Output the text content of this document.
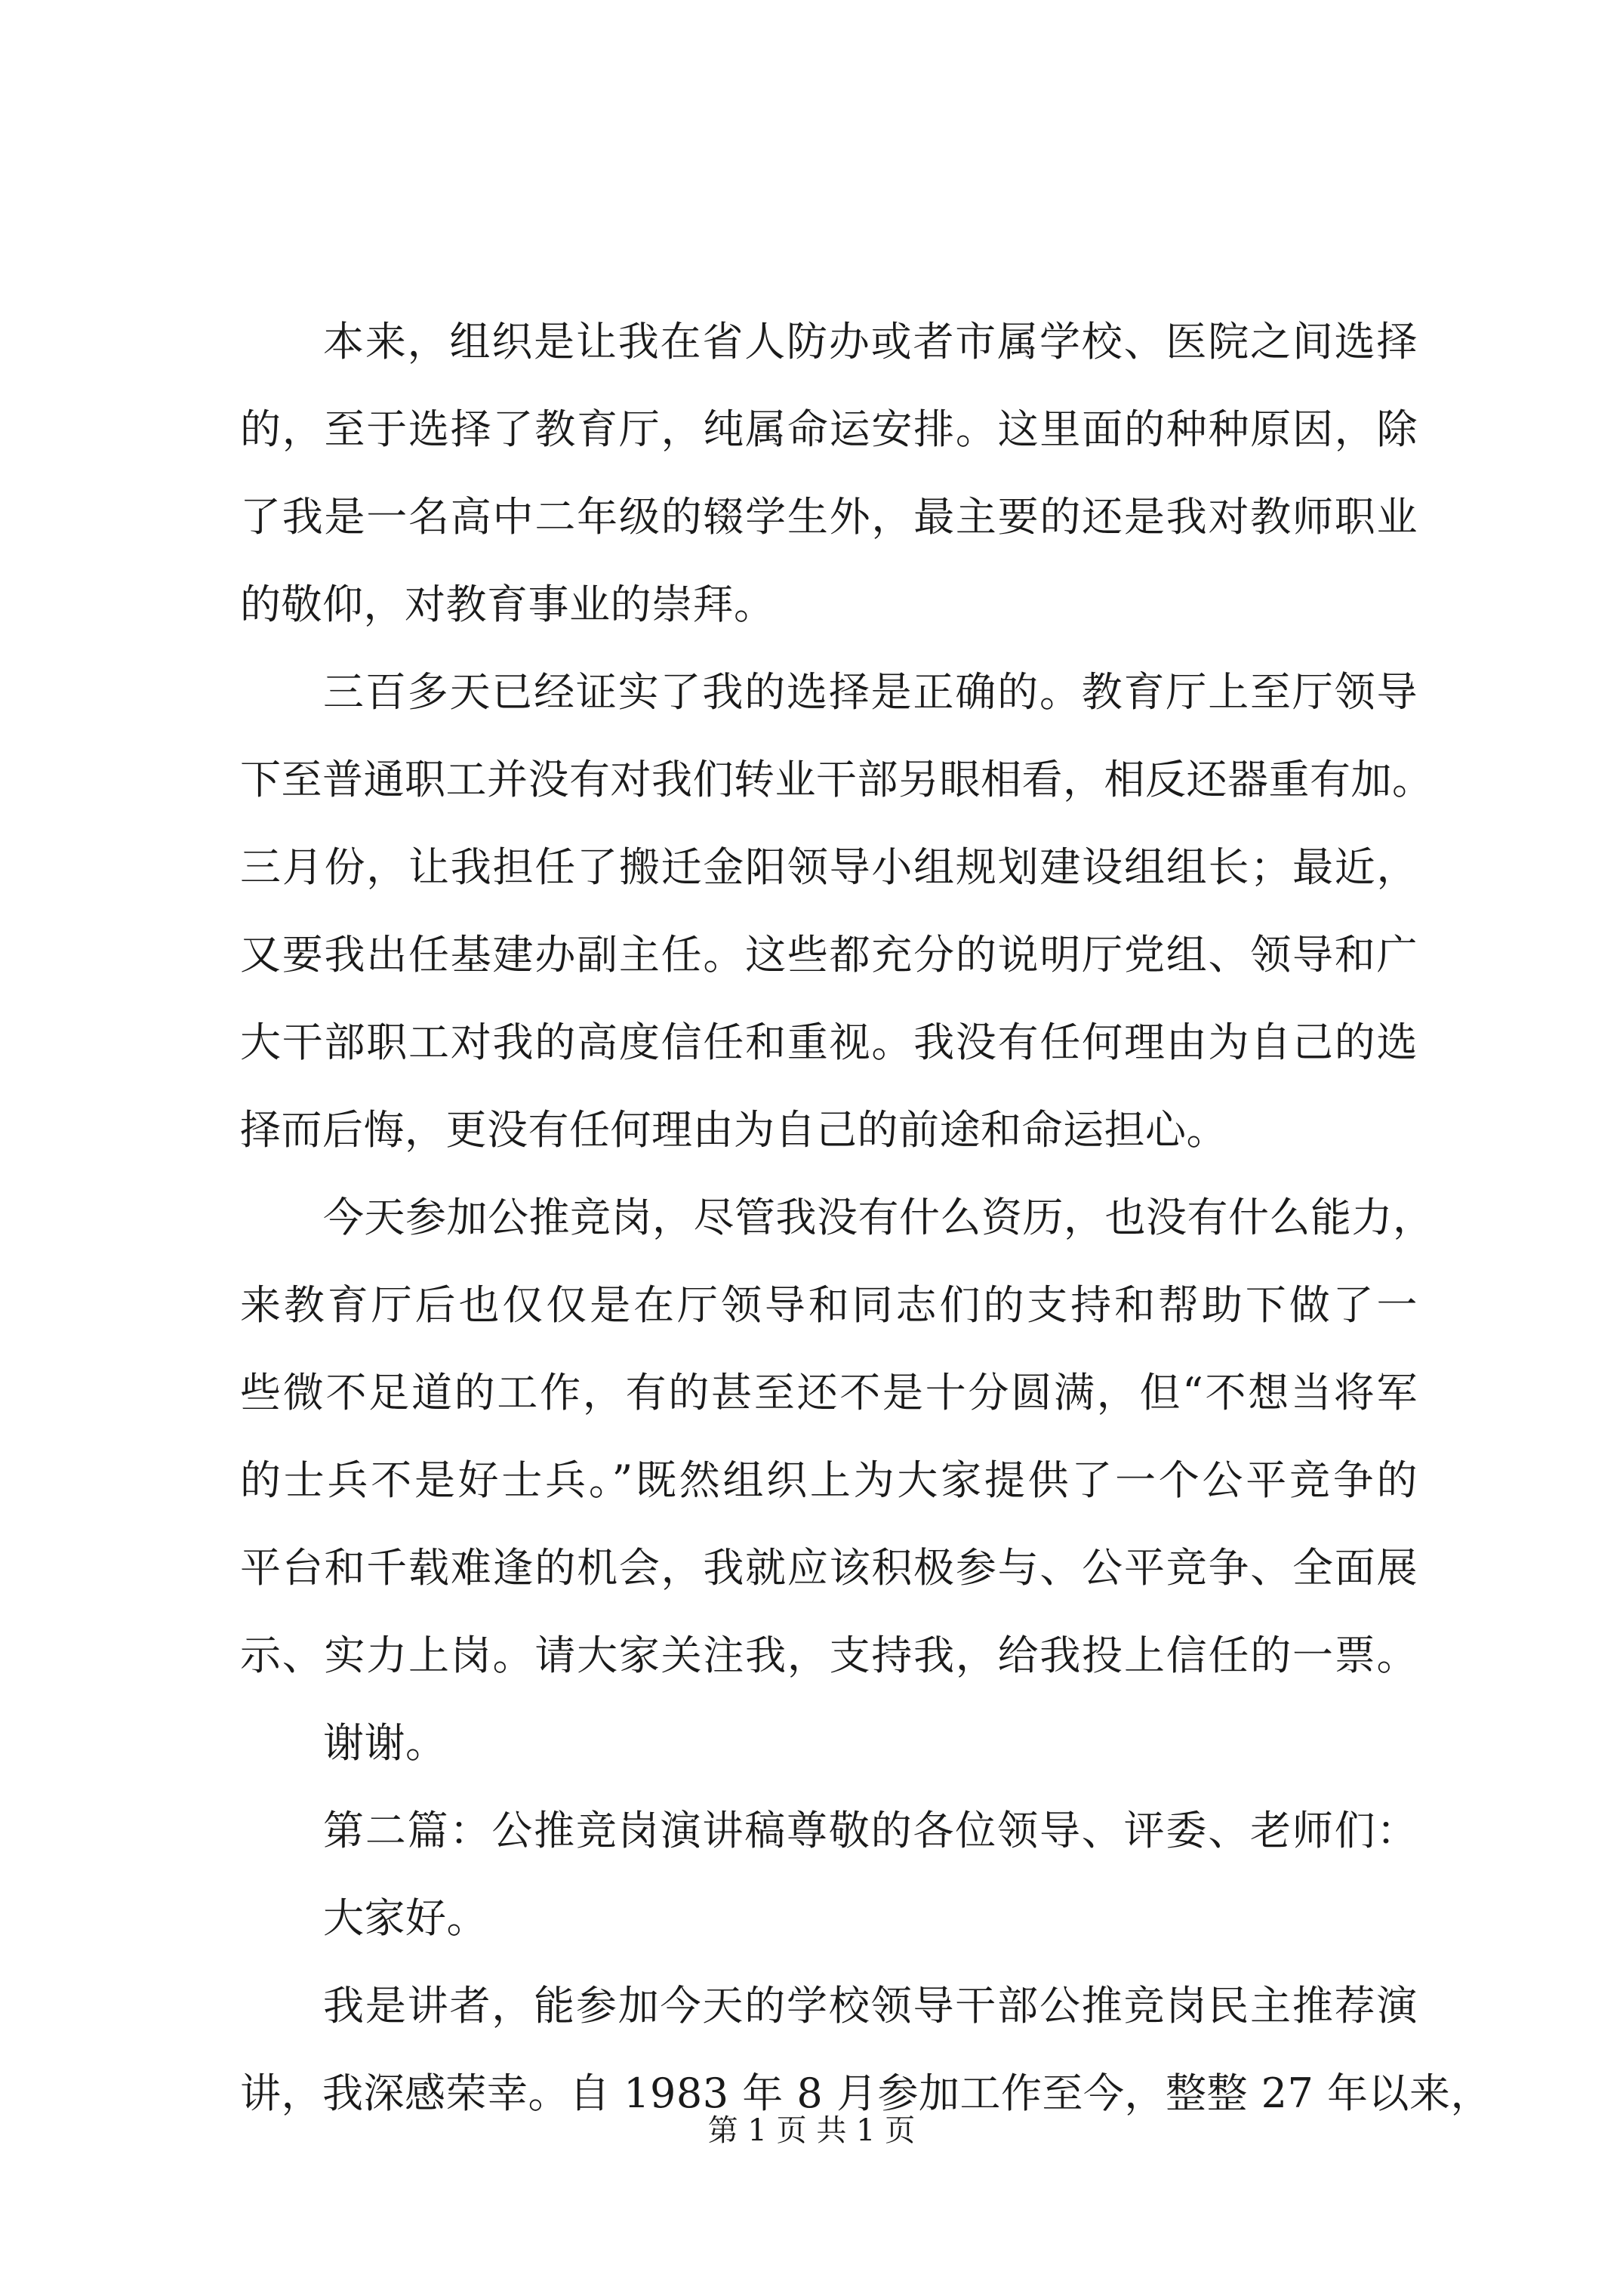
本来，组织是让我在省人防办或者市属学校、医院之间选择
的，至于选择了教育厅，纯属命运安排。这里面的种种原因，除
了我是一名高中二年级的辍学生外，最主要的还是我对教师职业
的敬仰，对教育事业的崇拜。
三百多天已经证实了我的选择是正确的。教育厅上至厅领导
下至普通职工并没有对我们转业干部另眼相看，相反还器重有加。
三月份，让我担任了搬迁金阳领导小组规划建设组组长；最近，
又要我出任基建办副主任。这些都充分的说明厅党组、领导和广
大干部职工对我的高度信任和重视。我没有任何理由为自己的选
择而后悔，更没有任何理由为自己的前途和命运担心。
今天参加公推竞岗，尽管我没有什么资历，也没有什么能力，
来教育厅后也仅仅是在厅领导和同志们的支持和帮助下做了一
些微不足道的工作，有的甚至还不是十分圆满，但“不想当将军
的士兵不是好士兵。”既然组织上为大家提供了一个公平竞争的
平台和千载难逢的机会，我就应该积极参与、公平竞争、全面展
示、实力上岗。请大家关注我，支持我，给我投上信任的一票。
谢谢。
第二篇：公推竞岗演讲稿尊敬的各位领导、评委、老师们：
大家好。
我是讲者，能参加今天的学校领导干部公推竞岗民主推荐演
讲，我深感荣幸。自 1983 年 8 月参加工作至今，整整 27 年以来，
第 1 页 共 1 页
